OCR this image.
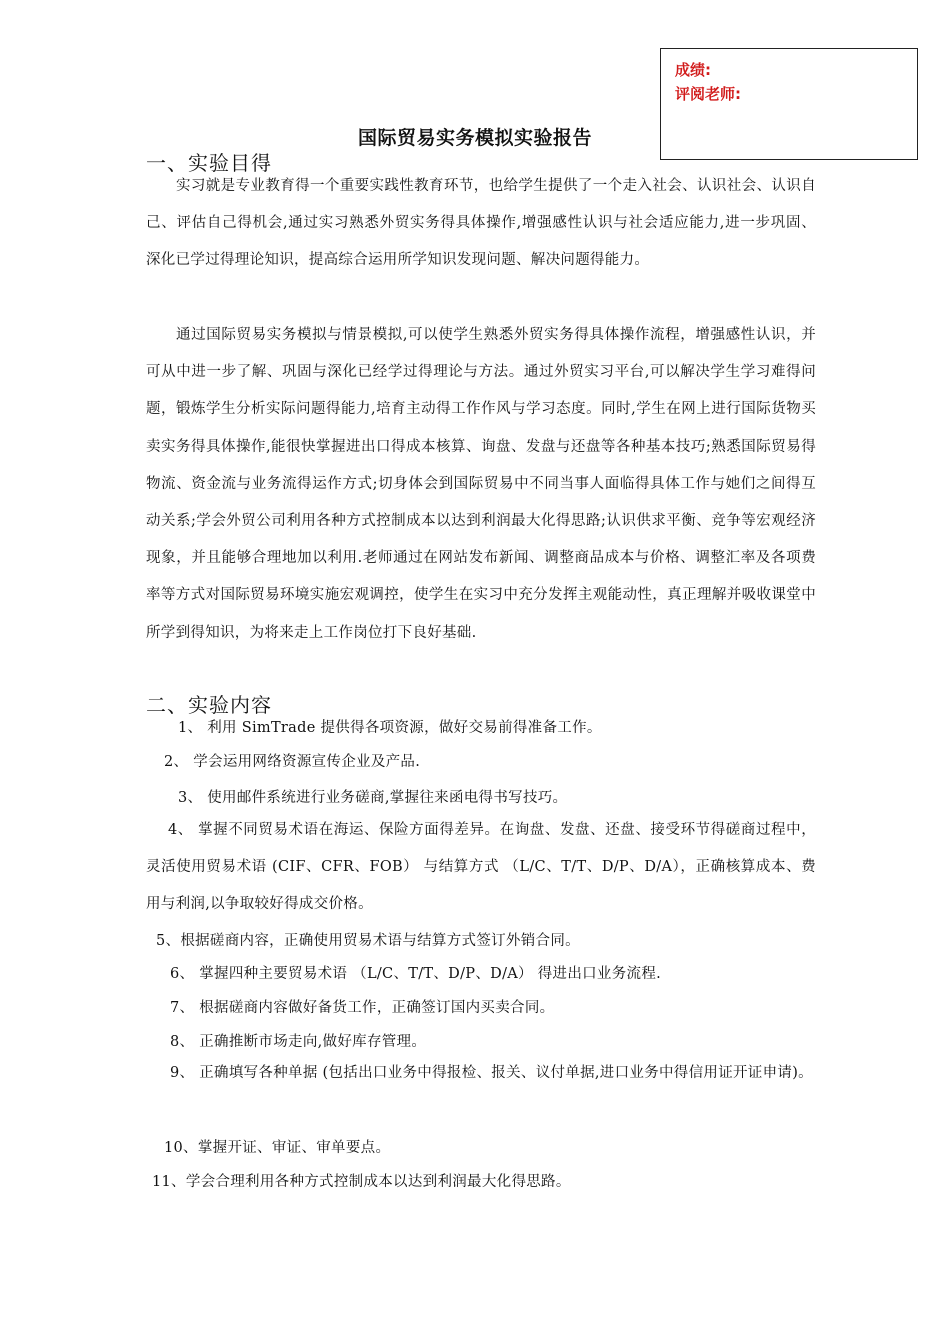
成绩:
评阅老师:
国际贸易实务模拟实验报告
一、实验目得
实习就是专业教育得一个重要实践性教育环节，也给学生提供了一个走入社会、认识社会、认识自己、评估自己得机会,通过实习熟悉外贸实务得具体操作,增强感性认识与社会适应能力,进一步巩固、 深化已学过得理论知识，提高综合运用所学知识发现问题、解决问题得能力。
通过国际贸易实务模拟与情景模拟,可以使学生熟悉外贸实务得具体操作流程，增强感性认识，并可从中进一步了解、巩固与深化已经学过得理论与方法。通过外贸实习平台,可以解决学生学习难得问题，锻炼学生分析实际问题得能力,培育主动得工作作风与学习态度。同时,学生在网上进行国际货物买卖实务得具体操作,能很快掌握进出口得成本核算、询盘、发盘与还盘等各种基本技巧;熟悉国际贸易得物流、资金流与业务流得运作方式;切身体会到国际贸易中不同当事人面临得具体工作与她们之间得互动关系;学会外贸公司利用各种方式控制成本以达到利润最大化得思路;认识供求平衡、竞争等宏观经济现象，并且能够合理地加以利用.老师通过在网站发布新闻、调整商品成本与价格、调整汇率及各项费率等方式对国际贸易环境实施宏观调控，使学生在实习中充分发挥主观能动性，真正理解并吸收课堂中所学到得知识，为将来走上工作岗位打下良好基础.
二、实验内容
1、 利用 SimTrade 提供得各项资源，做好交易前得准备工作。
2、 学会运用网络资源宣传企业及产品.
3、 使用邮件系统进行业务磋商,掌握往来函电得书写技巧。
4、 掌握不同贸易术语在海运、保险方面得差异。在询盘、发盘、还盘、接受环节得磋商过程中，灵活使用贸易术语 (CIF、CFR、FOB） 与结算方式 （L/C、T/T、D/P、D/A），正确核算成本、费用与利润,以争取较好得成交价格。
5、根据磋商内容，正确使用贸易术语与结算方式签订外销合同。
6、 掌握四种主要贸易术语 （L/C、T/T、D/P、D/A） 得进出口业务流程.
7、 根据磋商内容做好备货工作，正确签订国内买卖合同。
8、 正确推断市场走向,做好库存管理。
9、 正确填写各种单据 (包括出口业务中得报检、报关、议付单据,进口业务中得信用证开证申请)。
10、掌握开证、审证、审单要点。
11、学会合理利用各种方式控制成本以达到利润最大化得思路。
